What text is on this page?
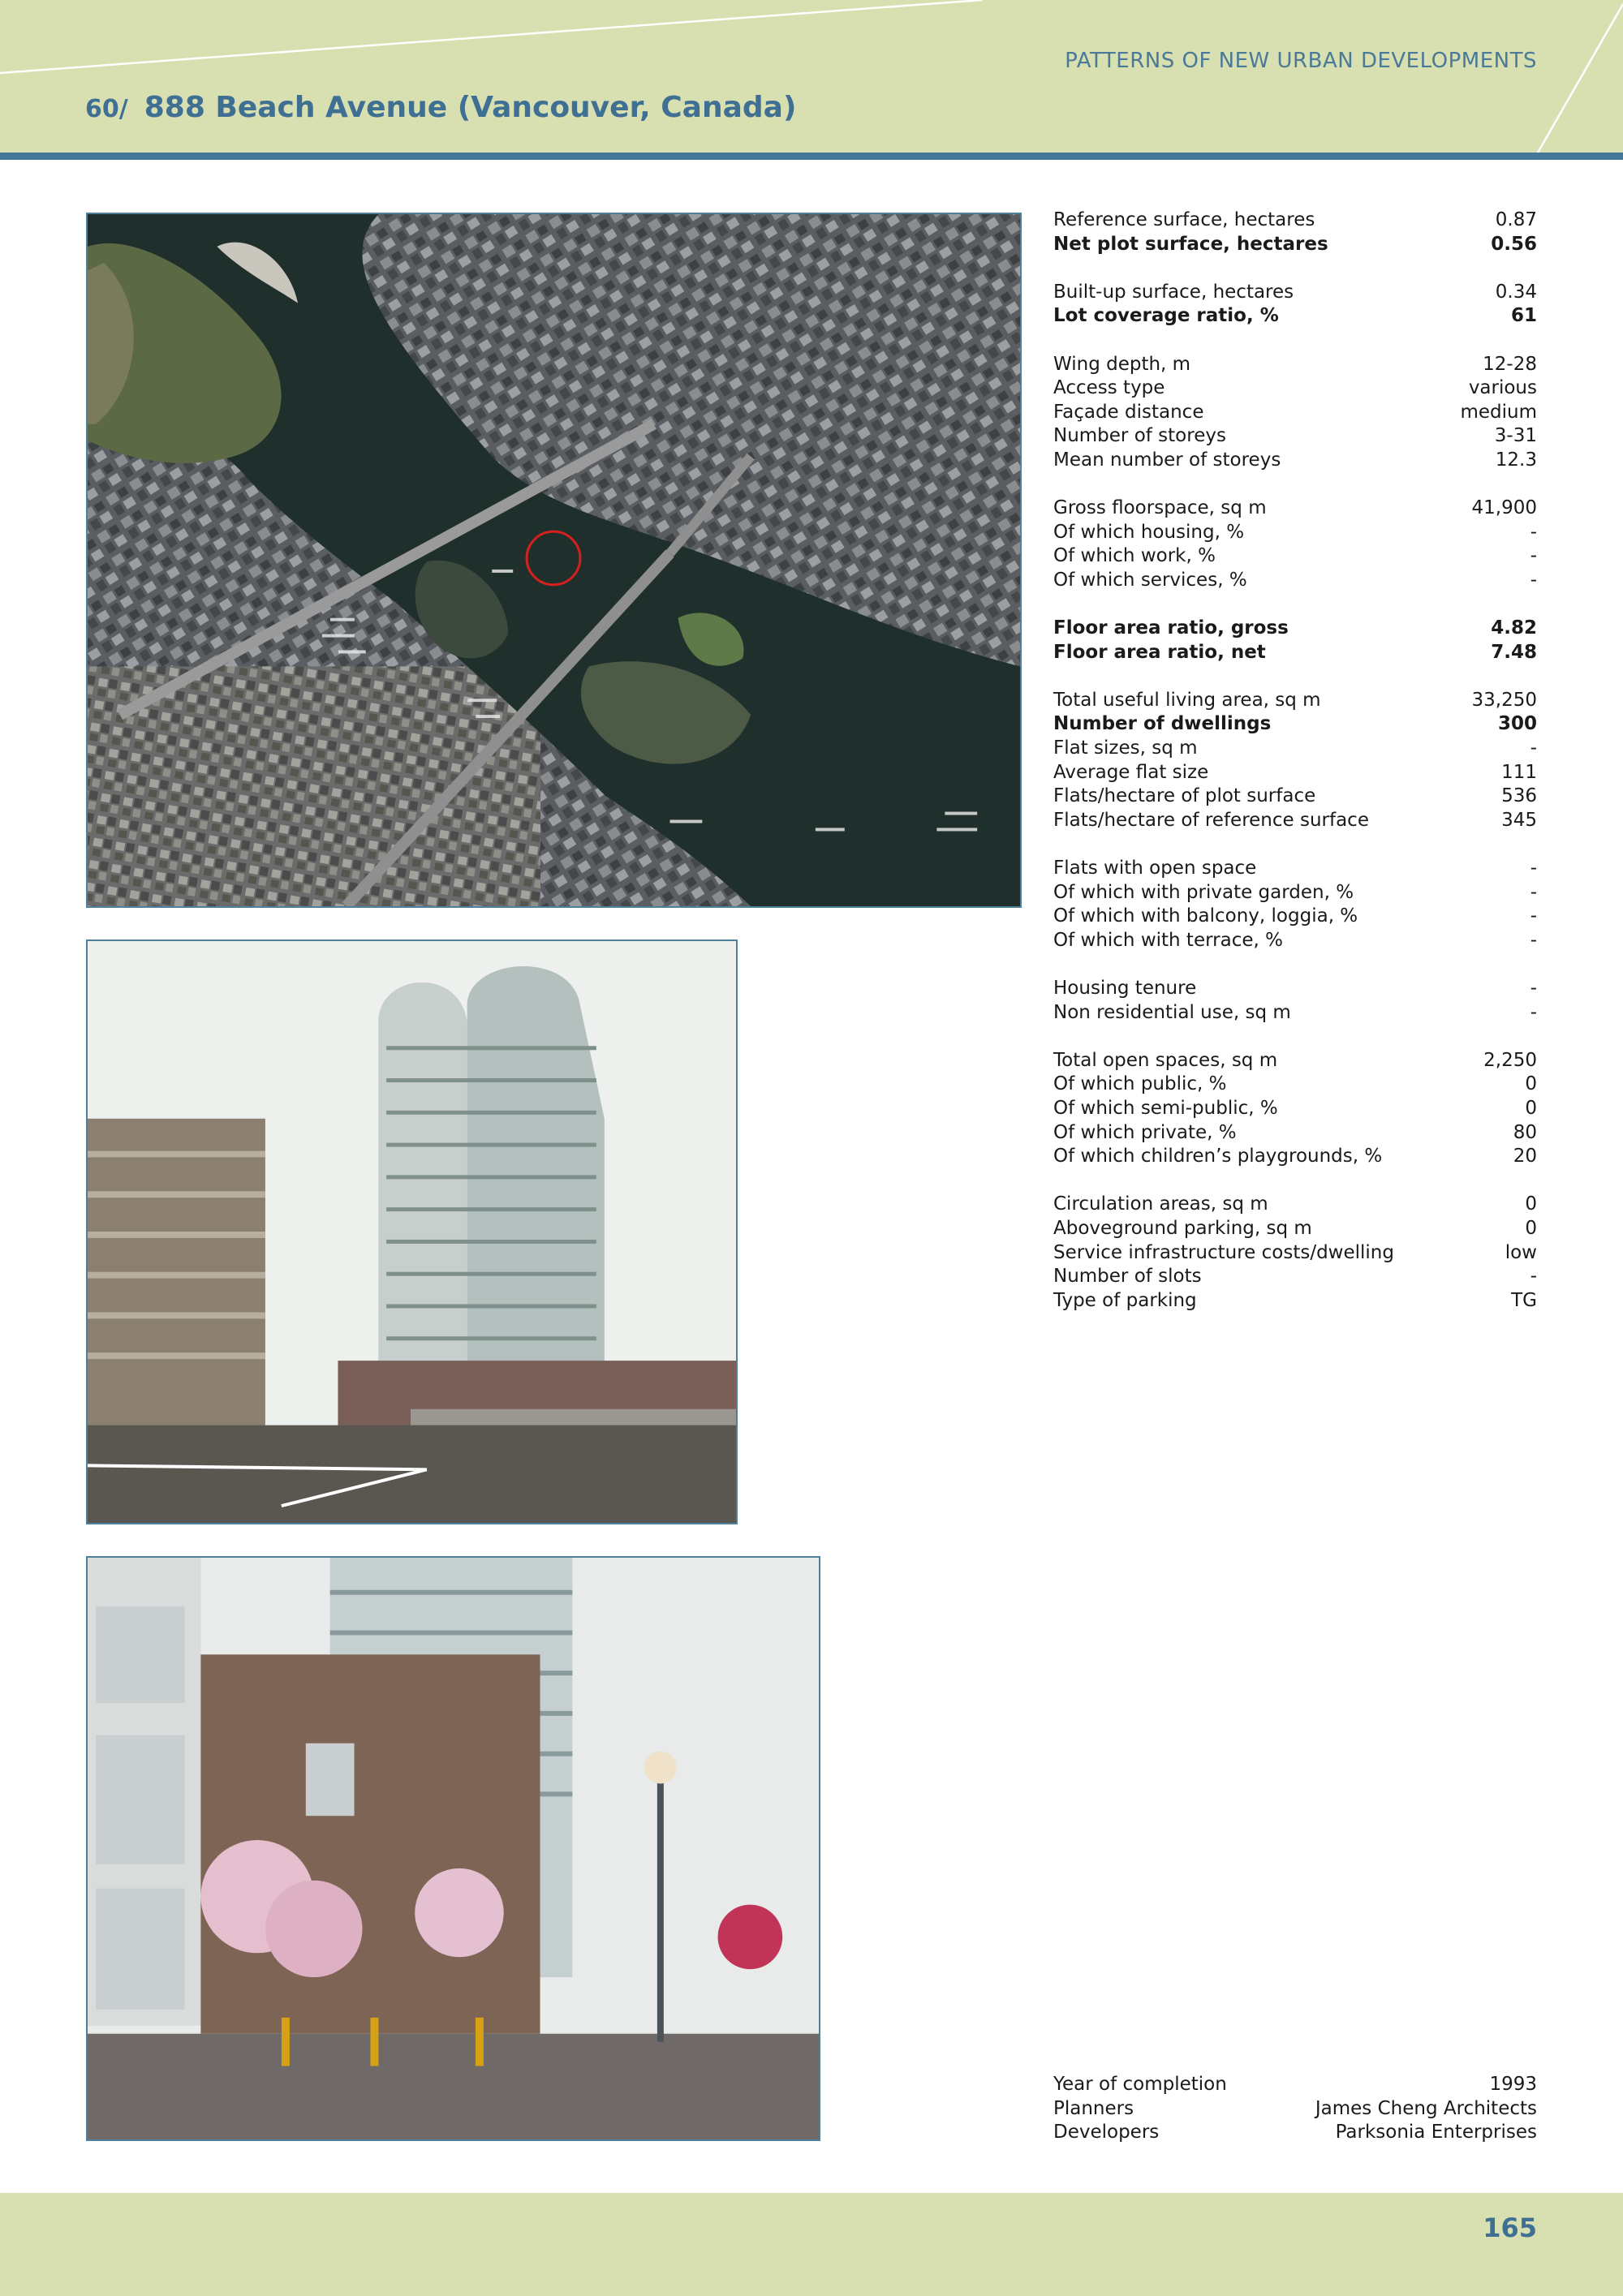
PATTERNS OF NEW URBAN DEVELOPMENTS
60/ 888 Beach Avenue (Vancouver, Canada)
Reference surface, hectares	0.87
Net plot surface, hectares	0.56
Built-up surface, hectares	0.34
Lot coverage ratio, %	61
Wing depth, m	12-28
Access type	various
Façade distance	medium
Number of storeys	3-31
Mean number of storeys	12.3
Gross floorspace, sq m	41,900
Of which housing, %	-
Of which work, %	-
Of which services, %	-
Floor area ratio, gross	4.82
Floor area ratio, net	7.48
Total useful living area, sq m	33,250
Number of dwellings	300
Flat sizes, sq m	-
Average flat size	111
Flats/hectare of plot surface	536
Flats/hectare of reference surface	345
Flats with open space	-
Of which with private garden, %	-
Of which with balcony, loggia, %	-
Of which with terrace, %	-
Housing tenure	-
Non residential use, sq m	-
Total open spaces, sq m	2,250
Of which public, %	0
Of which semi-public, %	0
Of which private, %	80
Of which children’s playgrounds, %	20
Circulation areas, sq m	0
Aboveground parking, sq m	0
Service infrastructure costs/dwelling	low
Number of slots	-
Type of parking	TG
Year of completion	1993
Planners	James Cheng Architects
Developers	Parksonia Enterprises
165
